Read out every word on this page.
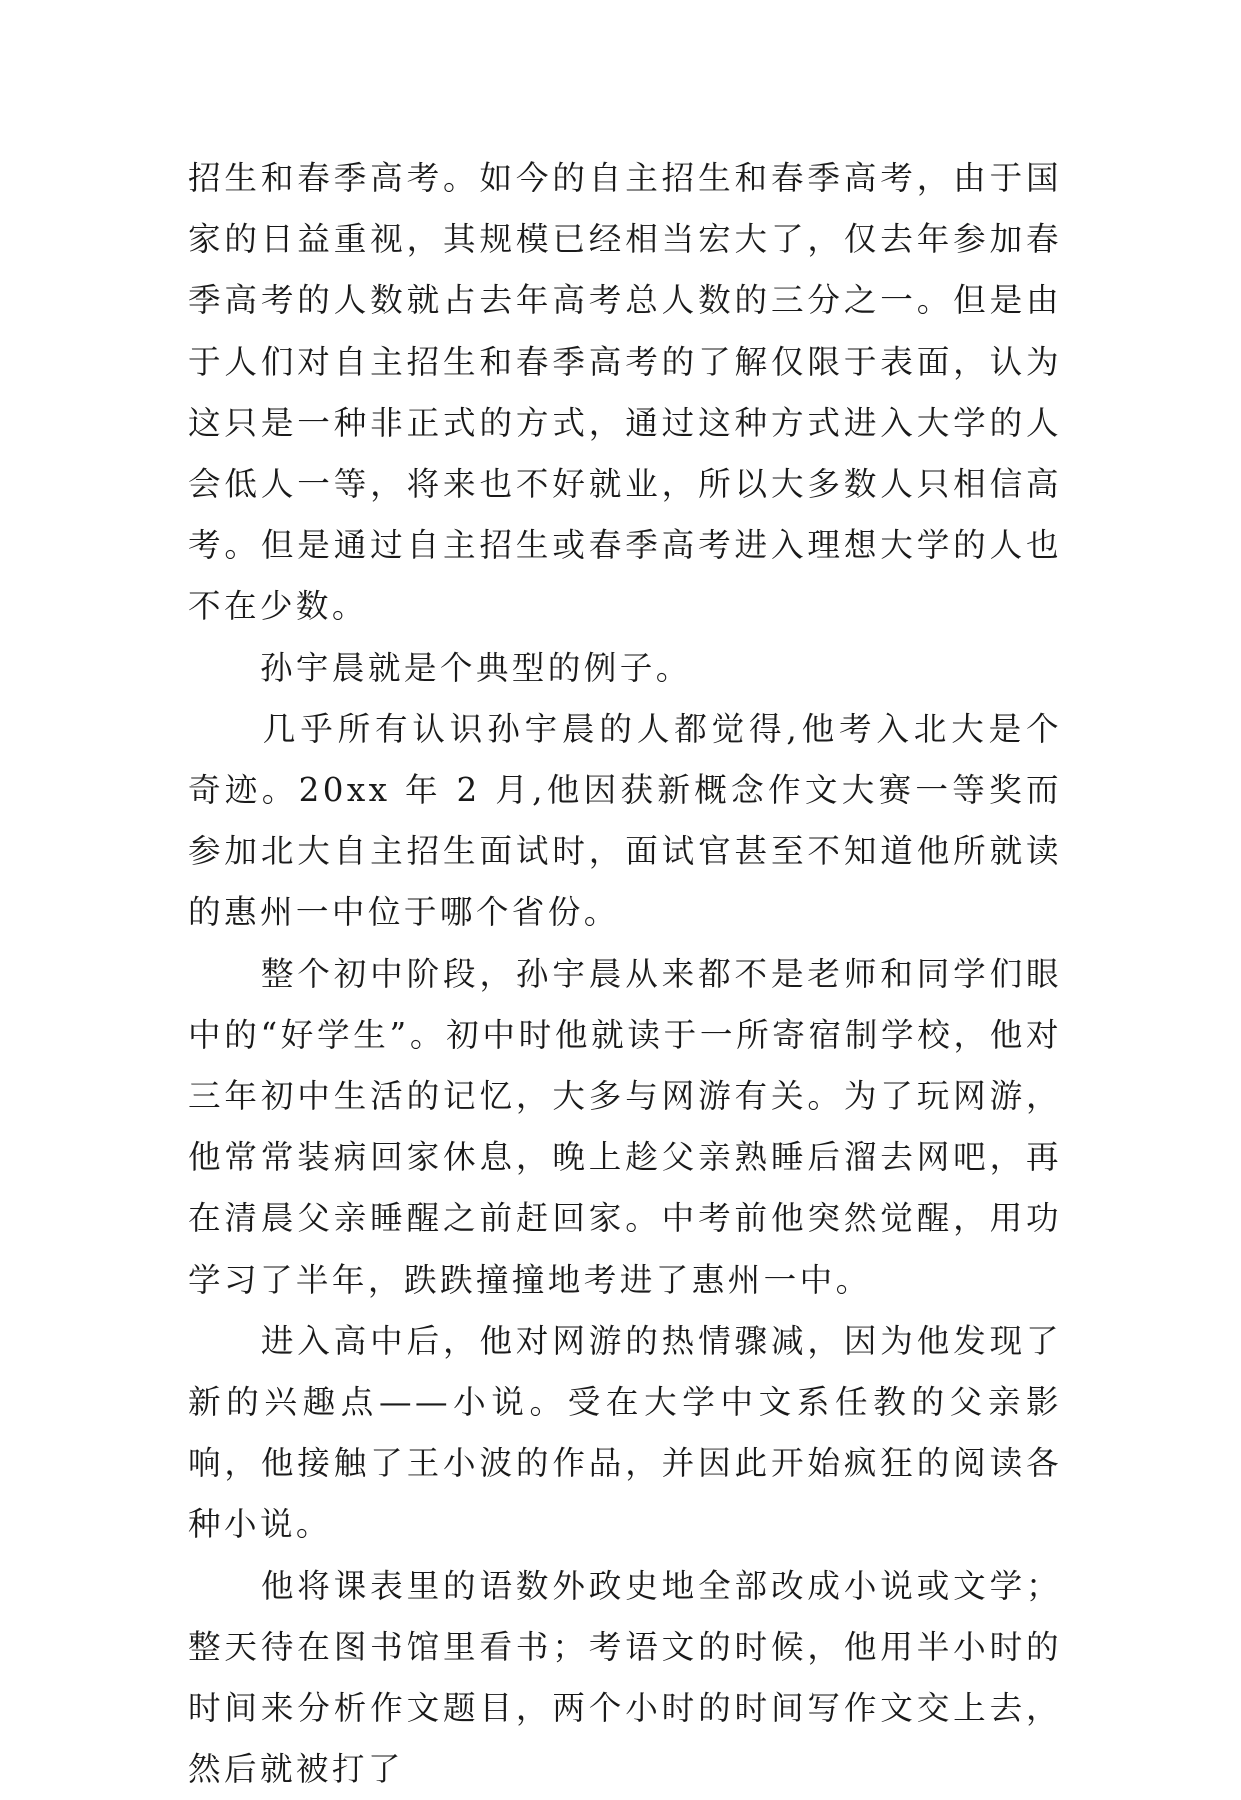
招生和春季高考。如今的自主招生和春季高考，由于国家的日益重视，其规模已经相当宏大了，仅去年参加春季高考的人数就占去年高考总人数的三分之一。但是由于人们对自主招生和春季高考的了解仅限于表面，认为这只是一种非正式的方式，通过这种方式进入大学的人会低人一等，将来也不好就业，所以大多数人只相信高考。但是通过自主招生或春季高考进入理想大学的人也不在少数。

　　孙宇晨就是个典型的例子。

　　几乎所有认识孙宇晨的人都觉得,他考入北大是个奇迹。20xx 年 2 月,他因获新概念作文大赛一等奖而参加北大自主招生面试时，面试官甚至不知道他所就读的惠州一中位于哪个省份。

　　整个初中阶段，孙宇晨从来都不是老师和同学们眼中的“好学生”。初中时他就读于一所寄宿制学校，他对三年初中生活的记忆，大多与网游有关。为了玩网游，他常常装病回家休息，晚上趁父亲熟睡后溜去网吧，再在清晨父亲睡醒之前赶回家。中考前他突然觉醒，用功学习了半年，跌跌撞撞地考进了惠州一中。

　　进入高中后，他对网游的热情骤减，因为他发现了新的兴趣点——小说。受在大学中文系任教的父亲影响，他接触了王小波的作品，并因此开始疯狂的阅读各种小说。

　　他将课表里的语数外政史地全部改成小说或文学；整天待在图书馆里看书；考语文的时候，他用半小时的时间来分析作文题目，两个小时的时间写作文交上去，然后就被打了
